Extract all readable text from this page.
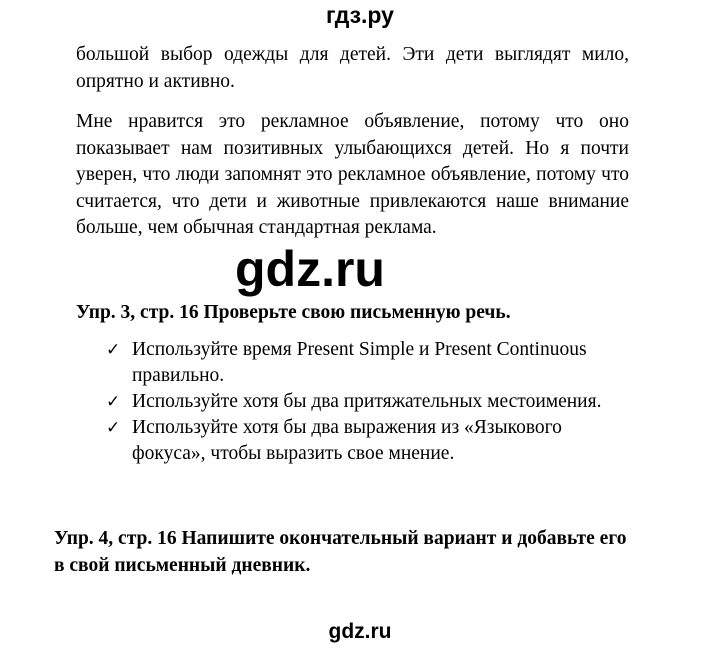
гдз.ру

большой выбор одежды для детей. Эти дети выглядят мило, опрятно и активно.

Мне нравится это рекламное объявление, потому что оно показывает нам позитивных улыбающихся детей. Но я почти уверен, что люди запомнят это рекламное объявление, потому что считается, что дети и животные привлекаются наше внимание больше, чем обычная стандартная реклама.

gdz.ru
Упр. 3, стр. 16 Проверьте свою письменную речь.
✓ Используйте время Present Simple и Present Continuous правильно.
✓ Используйте хотя бы два притяжательных местоимения.
✓ Используйте хотя бы два выражения из «Языкового фокуса», чтобы выразить свое мнение.
Упр. 4, стр. 16 Напишите окончательный вариант и добавьте его в свой письменный дневник.
gdz.ru
